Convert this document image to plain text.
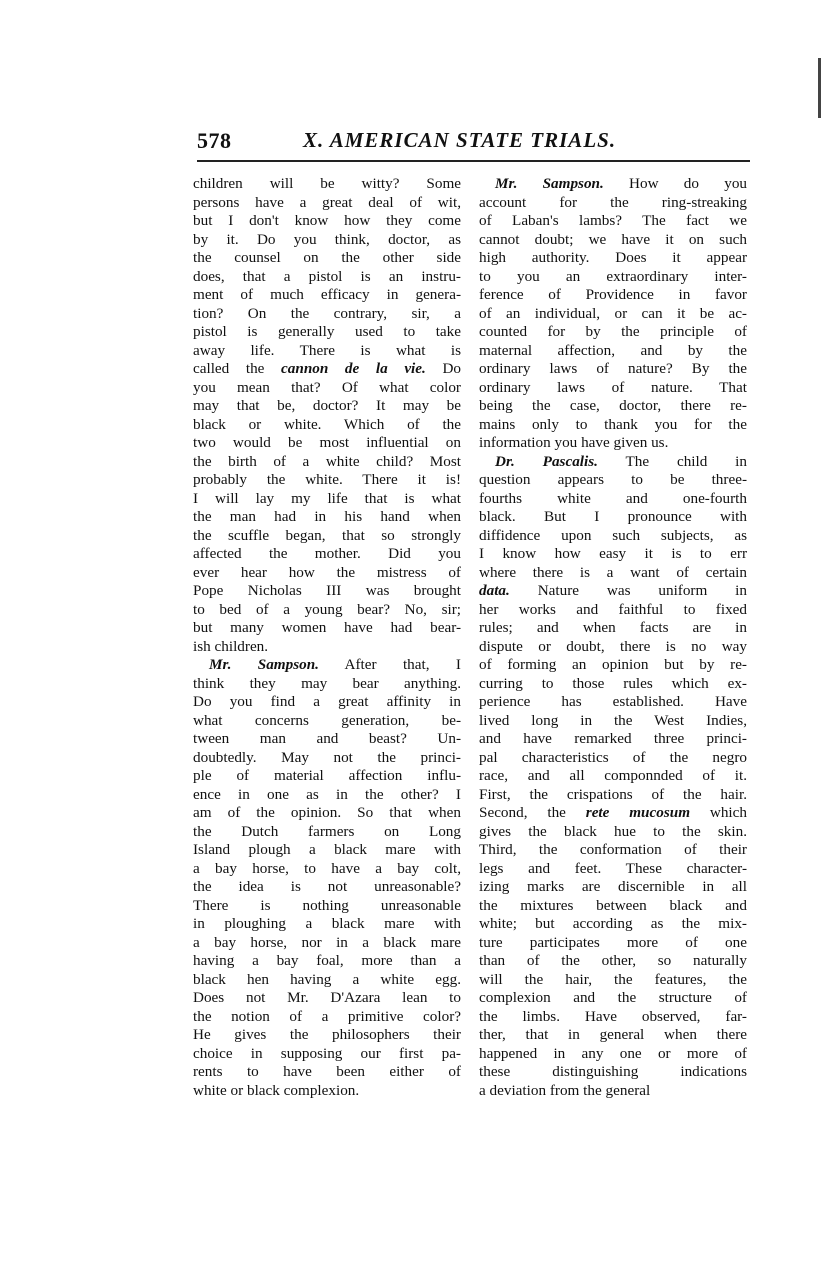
578	X. AMERICAN STATE TRIALS.
children will be witty? Some
persons have a great deal of wit,
but I don't know how they come
by it. Do you think, doctor, as
the counsel on the other side
does, that a pistol is an instru-
ment of much efficacy in genera-
tion? On the contrary, sir, a
pistol is generally used to take
away life. There is what is
called the cannon de la vie. Do
you mean that? Of what color
may that be, doctor? It may be
black or white. Which of the
two would be most influential on
the birth of a white child? Most
probably the white. There it is!
I will lay my life that is what
the man had in his hand when
the scuffle began, that so strongly
affected the mother. Did you
ever hear how the mistress of
Pope Nicholas III was brought
to bed of a young bear? No, sir;
but many women have had bear-
ish children.
Mr. Sampson. After that, I
think they may bear anything.
Do you find a great affinity in
what concerns generation, be-
tween man and beast? Un-
doubtedly. May not the princi-
ple of material affection influ-
ence in one as in the other? I
am of the opinion. So that when
the Dutch farmers on Long
Island plough a black mare with
a bay horse, to have a bay colt,
the idea is not unreasonable?
There is nothing unreasonable
in ploughing a black mare with
a bay horse, nor in a black mare
having a bay foal, more than a
black hen having a white egg.
Does not Mr. D'Azara lean to
the notion of a primitive color?
He gives the philosophers their
choice in supposing our first pa-
rents to have been either of
white or black complexion.
Mr. Sampson. How do you
account for the ring-streaking
of Laban's lambs? The fact we
cannot doubt; we have it on such
high authority. Does it appear
to you an extraordinary inter-
ference of Providence in favor
of an individual, or can it be ac-
counted for by the principle of
maternal affection, and by the
ordinary laws of nature? By the
ordinary laws of nature. That
being the case, doctor, there re-
mains only to thank you for the
information you have given us.
Dr. Pascalis. The child in
question appears to be three-
fourths white and one-fourth
black. But I pronounce with
diffidence upon such subjects, as
I know how easy it is to err
where there is a want of certain
data. Nature was uniform in
her works and faithful to fixed
rules; and when facts are in
dispute or doubt, there is no way
of forming an opinion but by re-
curring to those rules which ex-
perience has established. Have
lived long in the West Indies,
and have remarked three princi-
pal characteristics of the negro
race, and all componnded of it.
First, the crispations of the hair.
Second, the rete mucosum which
gives the black hue to the skin.
Third, the conformation of their
legs and feet. These character-
izing marks are discernible in all
the mixtures between black and
white; but according as the mix-
ture participates more of one
than of the other, so naturally
will the hair, the features, the
complexion and the structure of
the limbs. Have observed, far-
ther, that in general when there
happened in any one or more of
these distinguishing indications
a deviation from the general
